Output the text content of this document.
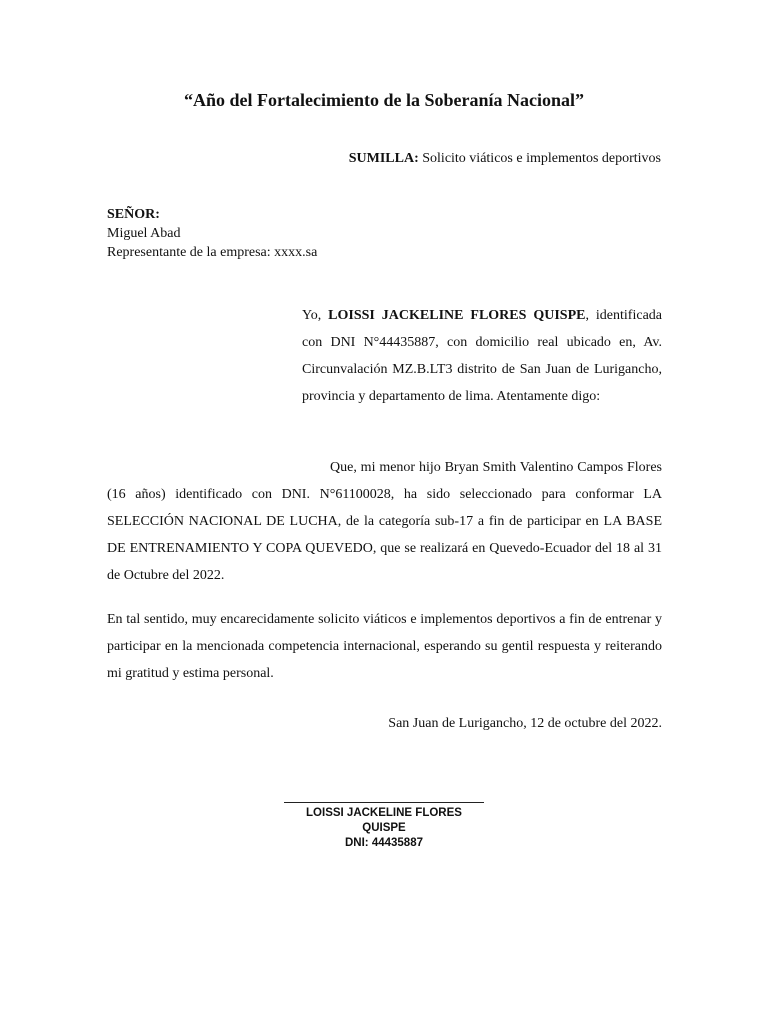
“Año del Fortalecimiento de la Soberanía Nacional”
SUMILLA: Solicito viáticos e implementos deportivos
SEÑOR:
Miguel Abad
Representante de la empresa: xxxx.sa
Yo, LOISSI JACKELINE FLORES QUISPE, identificada con DNI N°44435887, con domicilio real ubicado en, Av. Circunvalación MZ.B.LT3 distrito de San Juan de Lurigancho, provincia y departamento de lima. Atentamente digo:
Que, mi menor hijo Bryan Smith Valentino Campos Flores (16 años) identificado con DNI. N°61100028, ha sido seleccionado para conformar LA SELECCIÓN NACIONAL DE LUCHA, de la categoría sub-17 a fin de participar en LA BASE DE ENTRENAMIENTO Y COPA QUEVEDO, que se realizará en Quevedo-Ecuador del 18 al 31 de Octubre del 2022.
En tal sentido, muy encarecidamente solicito viáticos e implementos deportivos a fin de entrenar y participar en la mencionada competencia internacional, esperando su gentil respuesta y reiterando mi gratitud y estima personal.
San Juan de Lurigancho, 12 de octubre del 2022.
LOISSI JACKELINE FLORES QUISPE
DNI: 44435887
